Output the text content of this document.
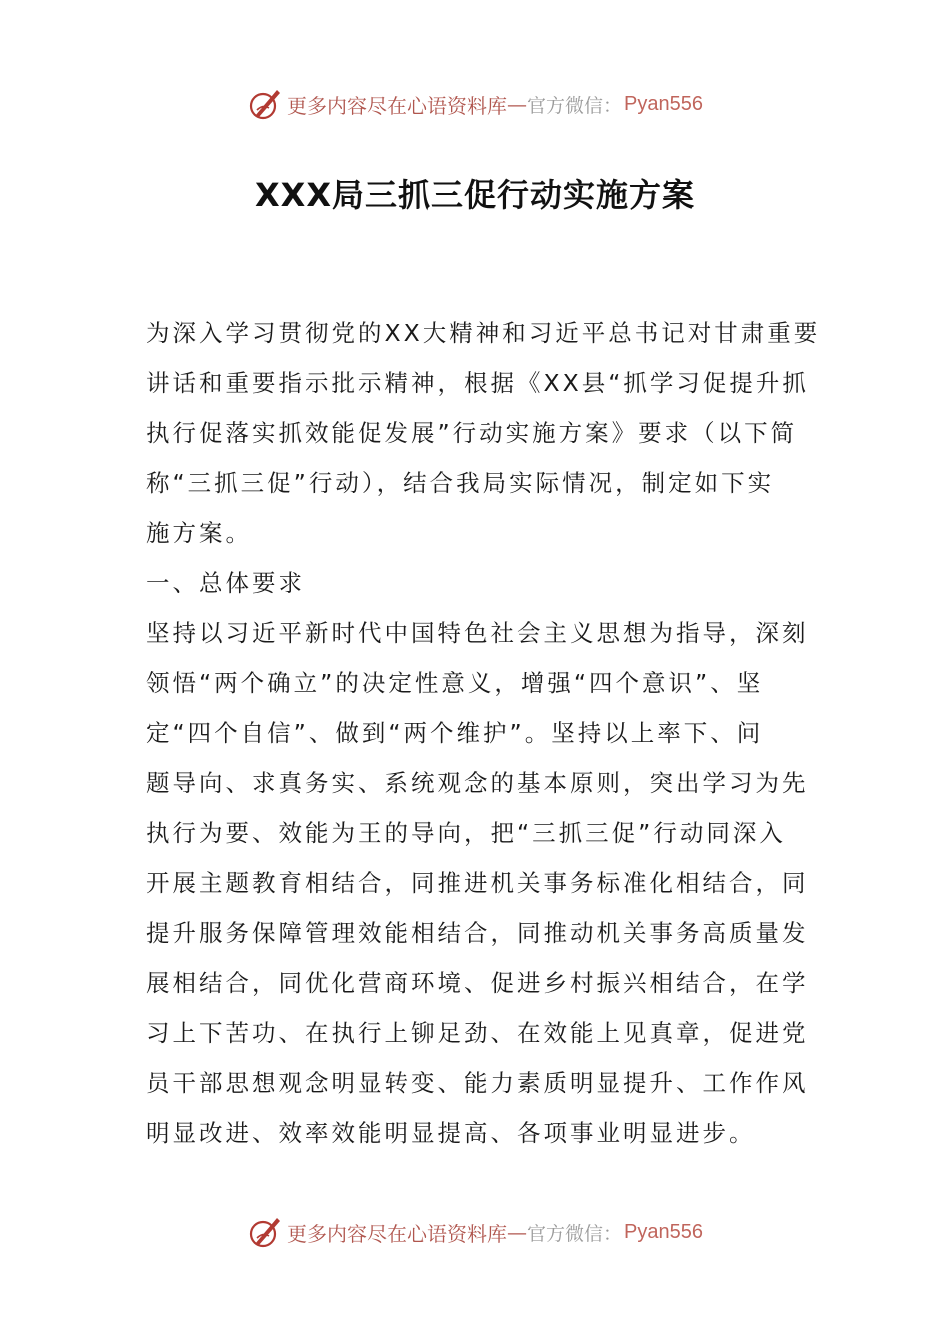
更多内容尽在心语资料库 — 官方微信： Pyan556
XXX局三抓三促行动实施方案
为深入学习贯彻党的XX大精神和习近平总书记对甘肃重要
讲话和重要指示批示精神，根据《XX县“抓学习促提升抓
执行促落实抓效能促发展”行动实施方案》要求（以下简
称“三抓三促”行动），结合我局实际情况，制定如下实
施方案。
一、总体要求
坚持以习近平新时代中国特色社会主义思想为指导，深刻
领悟“两个确立”的决定性意义，增强“四个意识”、坚
定“四个自信”、做到“两个维护”。坚持以上率下、问
题导向、求真务实、系统观念的基本原则，突出学习为先
执行为要、效能为王的导向，把“三抓三促”行动同深入
开展主题教育相结合，同推进机关事务标准化相结合，同
提升服务保障管理效能相结合，同推动机关事务高质量发
展相结合，同优化营商环境、促进乡村振兴相结合，在学
习上下苦功、在执行上铆足劲、在效能上见真章，促进党
员干部思想观念明显转变、能力素质明显提升、工作作风
明显改进、效率效能明显提高、各项事业明显进步。
更多内容尽在心语资料库 — 官方微信： Pyan556
